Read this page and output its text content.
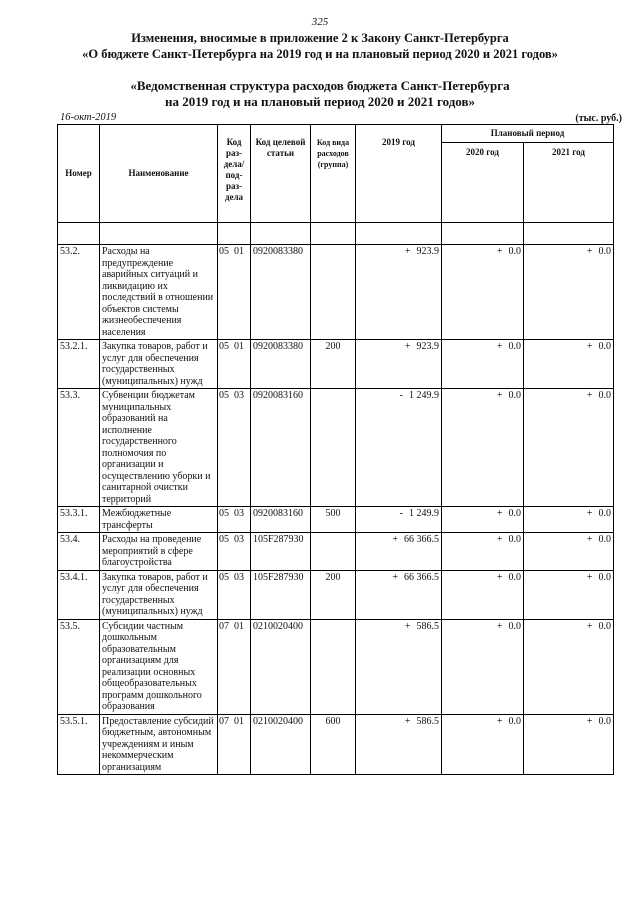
325
Изменения, вносимые в приложение 2 к Закону Санкт-Петербурга
«О бюджете Санкт-Петербурга на 2019 год и на плановый период 2020 и 2021 годов»
«Ведомственная структура расходов бюджета Санкт-Петербурга
на 2019 год и на плановый период 2020 и 2021 годов»
16-окт-2019	(тыс. руб.)
Номер	Наименование	Код раз- дела/ под- раз- дела	Код целевой статьи	Код вида расходов (группа)	2019 год	Плановый период	
						2020 год	2021 год

53.2.	Расходы на предупреждение аварийных ситуаций и ликвидацию их последствий в отношении объектов системы жизнеобеспечения населения	05 01	0920083380		+ 923.9	+ 0.0	+ 0.0
53.2.1.	Закупка товаров, работ и услуг для обеспечения государственных (муниципальных) нужд	05 01	0920083380	200	+ 923.9	+ 0.0	+ 0.0
53.3.	Субвенции бюджетам муниципальных образований на исполнение государственного полномочия по организации и осуществлению уборки и санитарной очистки территорий	05 03	0920083160		- 1 249.9	+ 0.0	+ 0.0
53.3.1.	Межбюджетные трансферты	05 03	0920083160	500	- 1 249.9	+ 0.0	+ 0.0
53.4.	Расходы на проведение мероприятий в сфере благоустройства	05 03	105F287930		+ 66 366.5	+ 0.0	+ 0.0
53.4.1.	Закупка товаров, работ и услуг для обеспечения государственных (муниципальных) нужд	05 03	105F287930	200	+ 66 366.5	+ 0.0	+ 0.0
53.5.	Субсидии частным дошкольным образовательным организациям для реализации основных общеобразовательных программ дошкольного образования	07 01	0210020400		+ 586.5	+ 0.0	+ 0.0
53.5.1.	Предоставление субсидий бюджетным, автономным учреждениям и иным некоммерческим организациям	07 01	0210020400	600	+ 586.5	+ 0.0	+ 0.0
